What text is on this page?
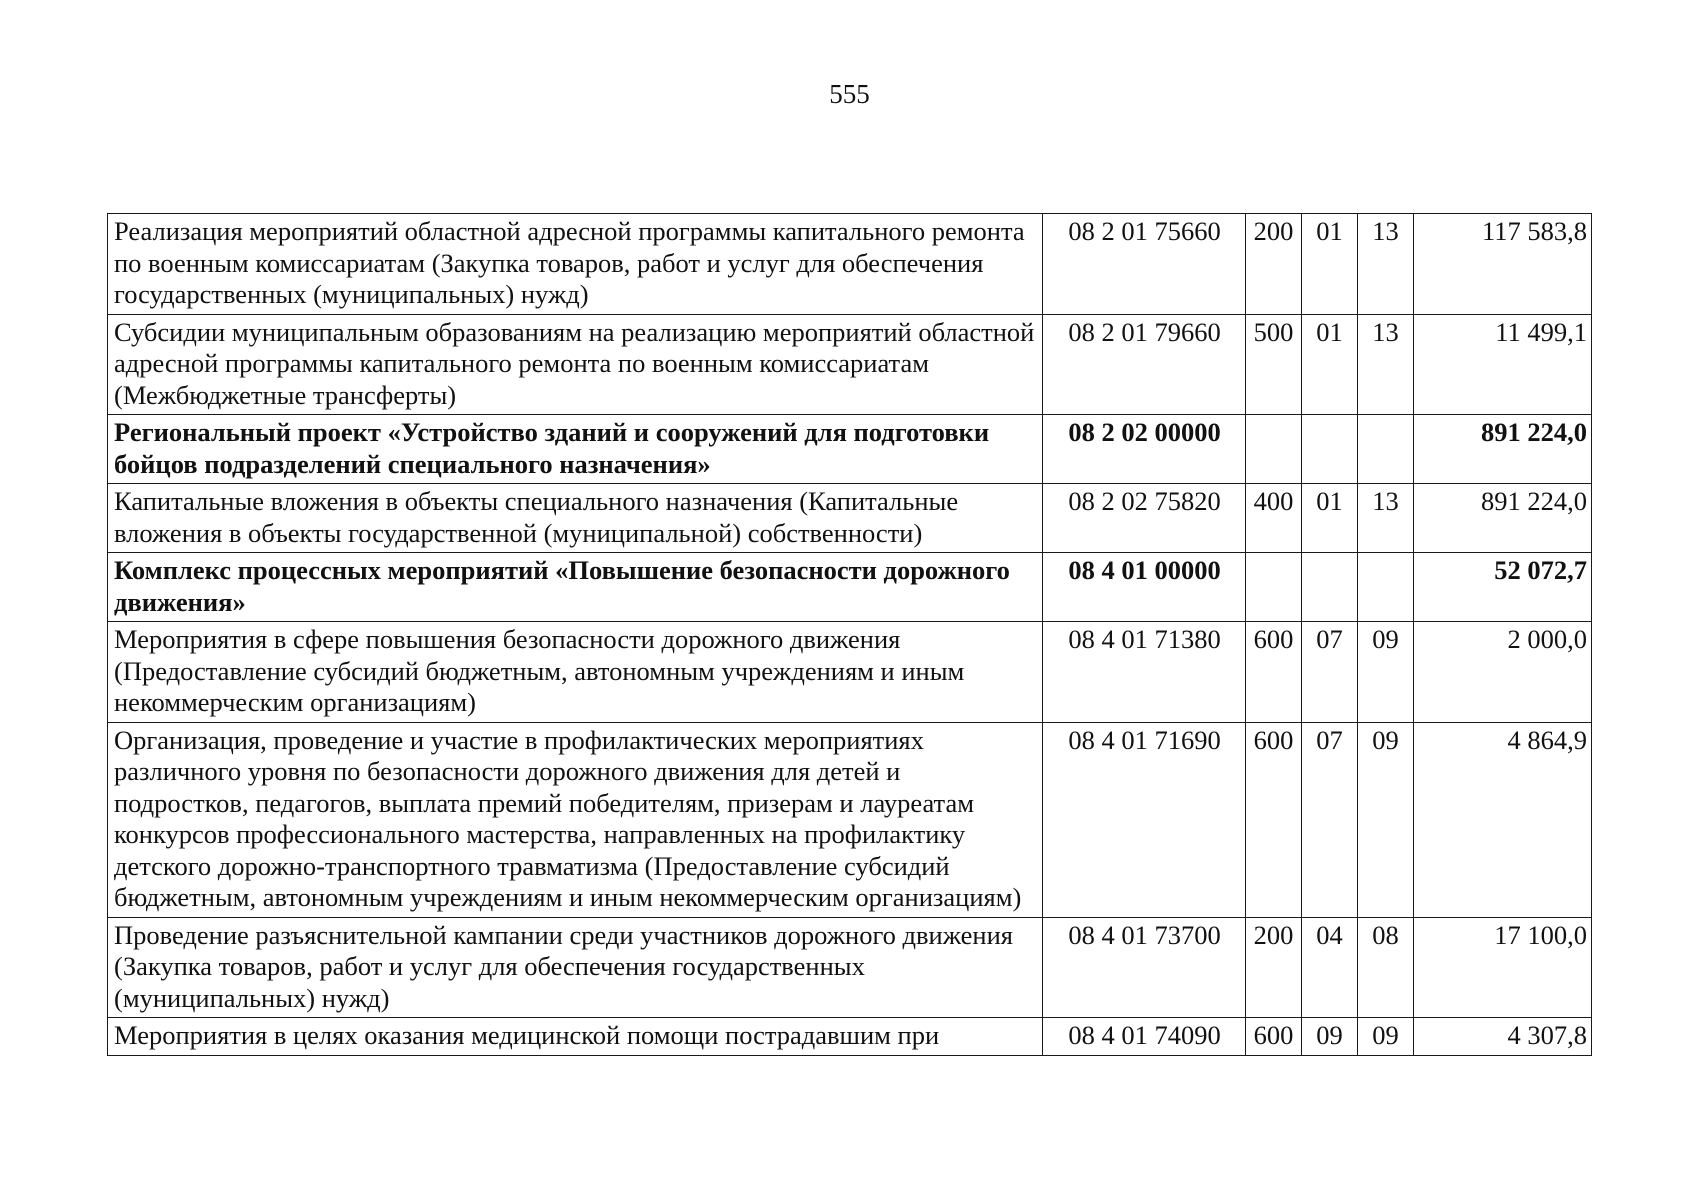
555
Реализация мероприятий областной адресной программы капитального ремонта по военным комиссариатам (Закупка товаров, работ и услуг для обеспечения государственных (муниципальных) нужд)	08 2 01 75660	200	01	13	117 583,8
Субсидии муниципальным образованиям на реализацию мероприятий областной адресной программы капитального ремонта по военным комиссариатам (Межбюджетные трансферты)	08 2 01 79660	500	01	13	11 499,1
Региональный проект «Устройство зданий и сооружений для подготовки бойцов подразделений специального назначения»	08 2 02 00000				891 224,0
Капитальные вложения в объекты специального назначения (Капитальные вложения в объекты государственной (муниципальной) собственности)	08 2 02 75820	400	01	13	891 224,0
Комплекс процессных мероприятий «Повышение безопасности дорожного движения»	08 4 01 00000				52 072,7
Мероприятия в сфере повышения безопасности дорожного движения (Предоставление субсидий бюджетным, автономным учреждениям и иным некоммерческим организациям)	08 4 01 71380	600	07	09	2 000,0
Организация, проведение и участие в профилактических мероприятиях различного уровня по безопасности дорожного движения для детей и подростков, педагогов, выплата премий победителям, призерам и лауреатам конкурсов профессионального мастерства, направленных на профилактику детского дорожно-транспортного травматизма (Предоставление субсидий бюджетным, автономным учреждениям и иным некоммерческим организациям)	08 4 01 71690	600	07	09	4 864,9
Проведение разъяснительной кампании среди участников дорожного движения (Закупка товаров, работ и услуг для обеспечения государственных (муниципальных) нужд)	08 4 01 73700	200	04	08	17 100,0
Мероприятия в целях оказания медицинской помощи пострадавшим при	08 4 01 74090	600	09	09	4 307,8
